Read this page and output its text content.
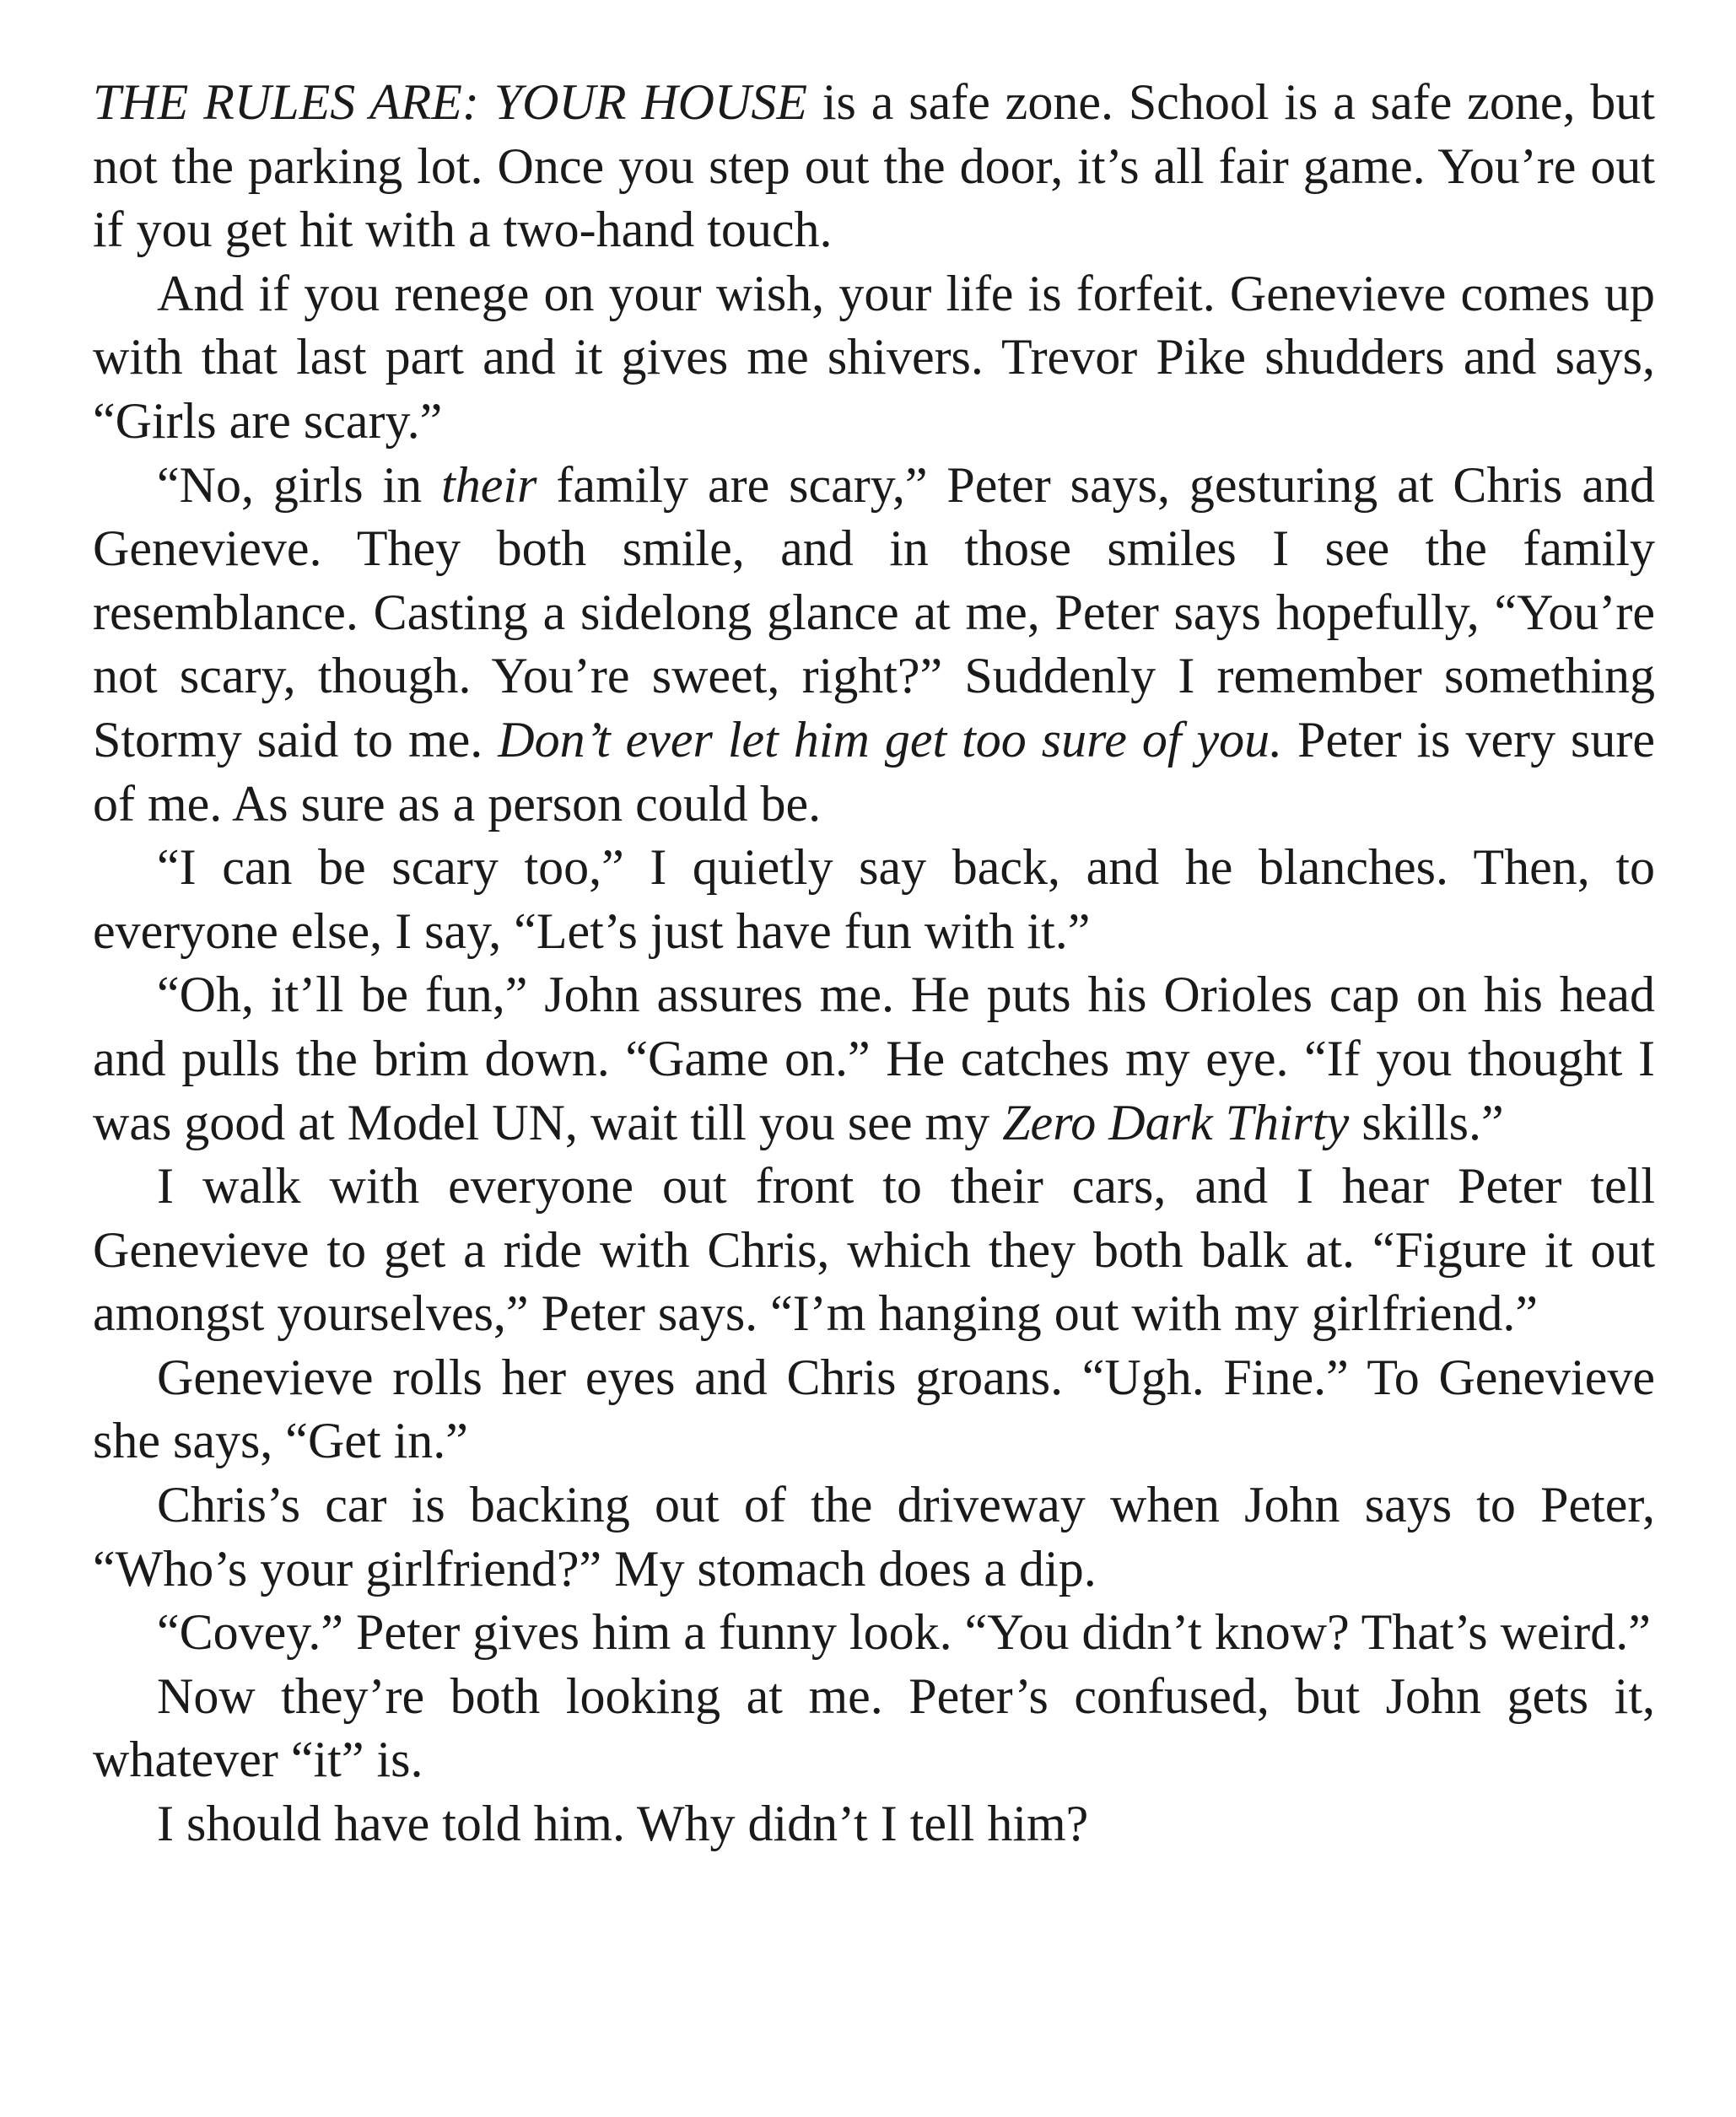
THE RULES ARE: YOUR HOUSE is a safe zone. School is a safe zone, but not the parking lot. Once you step out the door, it’s all fair game. You’re out if you get hit with a two-hand touch.

And if you renege on your wish, your life is forfeit. Genevieve comes up with that last part and it gives me shivers. Trevor Pike shudders and says, “Girls are scary.”

“No, girls in their family are scary,” Peter says, gesturing at Chris and Genevieve. They both smile, and in those smiles I see the family resemblance. Casting a sidelong glance at me, Peter says hopefully, “You’re not scary, though. You’re sweet, right?” Suddenly I remember something Stormy said to me. Don’t ever let him get too sure of you. Peter is very sure of me. As sure as a person could be.

“I can be scary too,” I quietly say back, and he blanches. Then, to everyone else, I say, “Let’s just have fun with it.”

“Oh, it’ll be fun,” John assures me. He puts his Orioles cap on his head and pulls the brim down. “Game on.” He catches my eye. “If you thought I was good at Model UN, wait till you see my Zero Dark Thirty skills.”

I walk with everyone out front to their cars, and I hear Peter tell Genevieve to get a ride with Chris, which they both balk at. “Figure it out amongst yourselves,” Peter says. “I’m hanging out with my girlfriend.”

Genevieve rolls her eyes and Chris groans. “Ugh. Fine.” To Genevieve she says, “Get in.”

Chris’s car is backing out of the driveway when John says to Peter, “Who’s your girlfriend?” My stomach does a dip.

“Covey.” Peter gives him a funny look. “You didn’t know? That’s weird.”

Now they’re both looking at me. Peter’s confused, but John gets it, whatever “it” is.

I should have told him. Why didn’t I tell him?
